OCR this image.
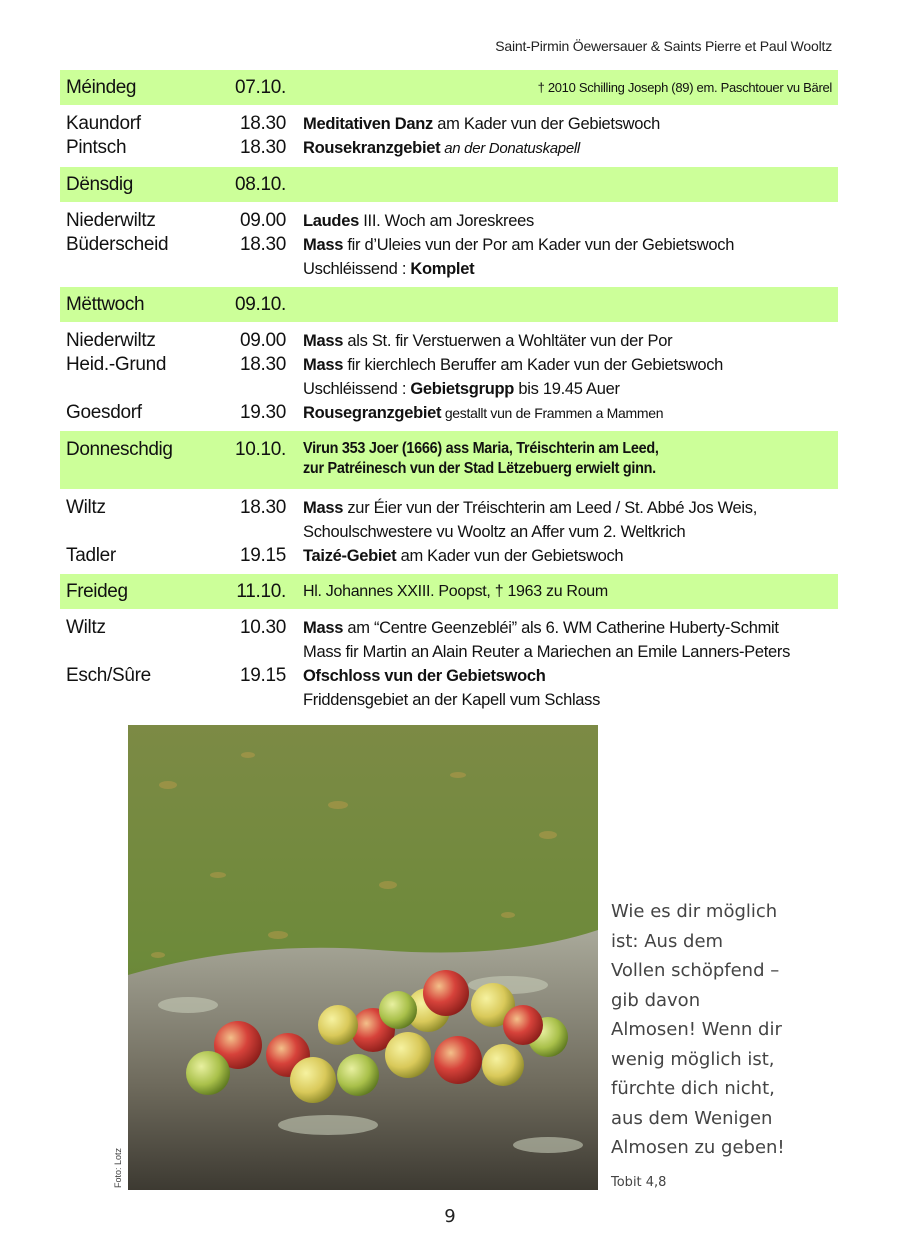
Saint-Pirmin Öewersauer & Saints Pierre et Paul Wooltz
Méindeg	07.10.	† 2010 Schilling Joseph (89) em. Paschtouer vu Bärel
Kaundorf	18.30 Meditativen Danz am Kader vun der Gebietswoch
Pintsch	18.30 Rousekranzgebiet an der Donatuskapell
Dënsdig	08.10.
Niederwiltz	09.00 Laudes III. Woch am Joreskrees
Büderscheid	18.30 Mass fir d’Uleies vun der Por am Kader vun der Gebietswoch
Uschléissend : Komplet
Mëttwoch	09.10.
Niederwiltz	09.00 Mass als St. fir Verstuerwen a Wohltäter vun der Por
Heid.-Grund	18.30 Mass fir kierchlech Beruffer am Kader vun der Gebietswoch
Uschléissend : Gebietsgrupp bis 19.45 Auer
Goesdorf	19.30 Rousegranzgebiet gestallt vun de Frammen a Mammen
Donneschdig	10.10. Virun 353 Joer (1666) ass Maria, Tréischterin am Leed,
zur Patréinesch vun der Stad Lëtzebuerg erwielt ginn.
Wiltz	18.30 Mass zur Éier vun der Tréischterin am Leed / St. Abbé Jos Weis,
Schoulschwestere vu Wooltz an Affer vum 2. Weltkrich
Tadler	19.15 Taizé-Gebiet am Kader vun der Gebietswoch
Freideg	11.10. Hl. Johannes XXIII. Poopst, † 1963 zu Roum
Wiltz	10.30 Mass am “Centre Geenzebléi” als 6. WM Catherine Huberty-Schmit
Mass fir Martin an Alain Reuter a Mariechen an Emile Lanners-Peters
Esch/Sûre	19.15 Ofschloss vun der Gebietswoch
Friddensgebiet an der Kapell vum Schlass
Foto: Lotz
Wie es dir möglich
ist: Aus dem
Vollen schöpfend –
gib davon
Almosen! Wenn dir
wenig möglich ist,
fürchte dich nicht,
aus dem Wenigen
Almosen zu geben!
Tobit 4,8
9
